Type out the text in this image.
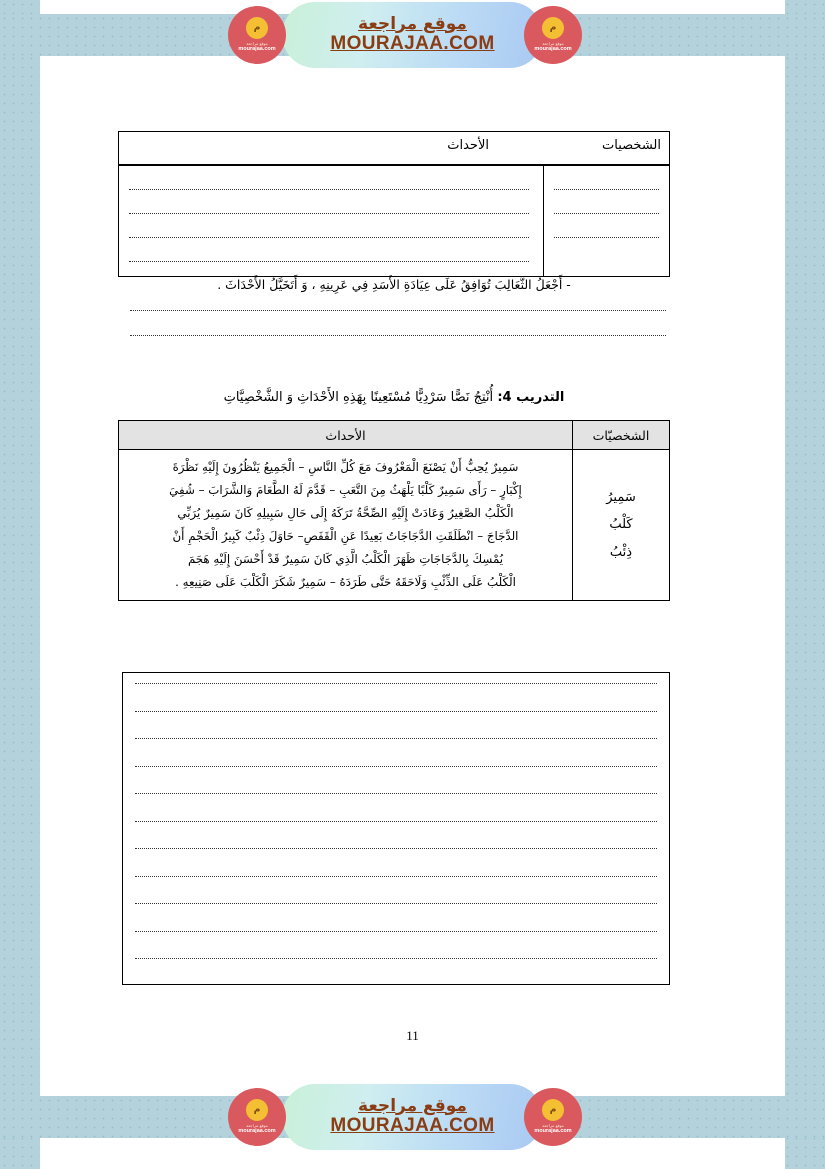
م
موقع مراجعة
mourajaa.com
م
موقع مراجعة
mourajaa.com
موقع مراجعة
MOURAJAA.COM
الشخصيات
الأحداث
- أَجْعَلُ الثَّعَالِبَ تُوَافِقُ عَلَى عِيَادَةِ الأَسَدِ فِي عَرِينِهِ ، وَ أَتَخَيَّلُ الأَحْدَاثَ .
التدريب 4: أُنْتِجُ نَصًّا سَرْدِيًّا مُسْتَعِينًا بِهَذِهِ الأَحْدَاثِ وَ الشَّخْصِيَّاتِ
الشخصيّات	الأحداث

سَمِيرُ
كَلْبُ
ذِئْبُ

سَمِيرٌ يُحِبُّ أَنْ يَصْنَعَ الْمَعْرُوفَ مَعَ كُلِّ النَّاسِ – الْجَمِيعُ يَنْظُرُونَ إِلَيْهِ نَظْرَةَ
إِكْبَارٍ – رَأَى سَمِيرٌ كَلْبًا يَلْهَثُ مِنَ التَّعَبِ – قَدَّمَ لَهُ الطَّعَامَ وَالشَّرَابَ – شُفِيَ
الْكَلْبُ الصَّغِيرُ وَعَادَتْ إِلَيْهِ الصِّحَّةُ تَرَكَهُ إِلَى حَالِ سَبِيلِهِ كَانَ سَمِيرٌ يُرَبِّي
الدَّجَاجَ – انْطَلَقَتِ الدَّجَاجَاتُ بَعِيدًا عَنِ الْقَفَصِ– حَاوَلَ ذِئْبٌ كَبِيرُ الْحَجْمِ أَنْ
يُمْسِكَ بِالدَّجَاجَاتِ ظَهَرَ الْكَلْبُ الَّذِي كَانَ سَمِيرٌ قَدْ أَحْسَنَ إِلَيْهِ هَجَمَ
الْكَلْبُ عَلَى الذِّئْبِ وَلَاحَقَهُ حَتَّى طَرَدَهُ – سَمِيرٌ شَكَرَ الْكَلْبَ عَلَى صَنِيعِهِ .
11
م
موقع مراجعة
mourajaa.com
م
موقع مراجعة
mourajaa.com
موقع مراجعة
MOURAJAA.COM
